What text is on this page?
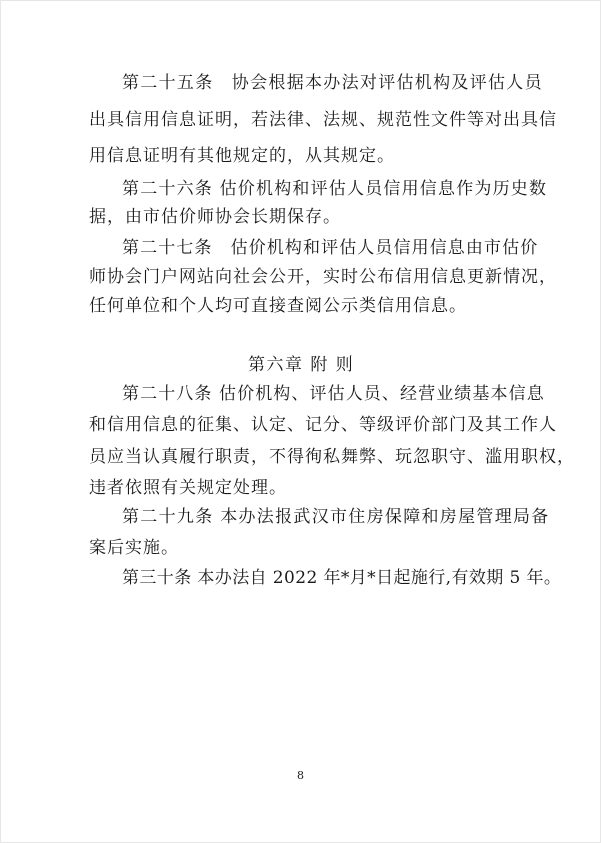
第二十五条　协会根据本办法对评估机构及评估人员
出具信用信息证明，若法律、法规、规范性文件等对出具信
用信息证明有其他规定的，从其规定。
第二十六条 估价机构和评估人员信用信息作为历史数
据，由市估价师协会长期保存。
第二十七条　估价机构和评估人员信用信息由市估价
师协会门户网站向社会公开，实时公布信用信息更新情况，
任何单位和个人均可直接查阅公示类信用信息。
第六章 附 则
第二十八条 估价机构、评估人员、经营业绩基本信息
和信用信息的征集、认定、记分、等级评价部门及其工作人
员应当认真履行职责，不得徇私舞弊、玩忽职守、滥用职权，
违者依照有关规定处理。
第二十九条 本办法报武汉市住房保障和房屋管理局备
案后实施。
第三十条 本办法自 2022 年*月*日起施行,有效期 5 年。
8
